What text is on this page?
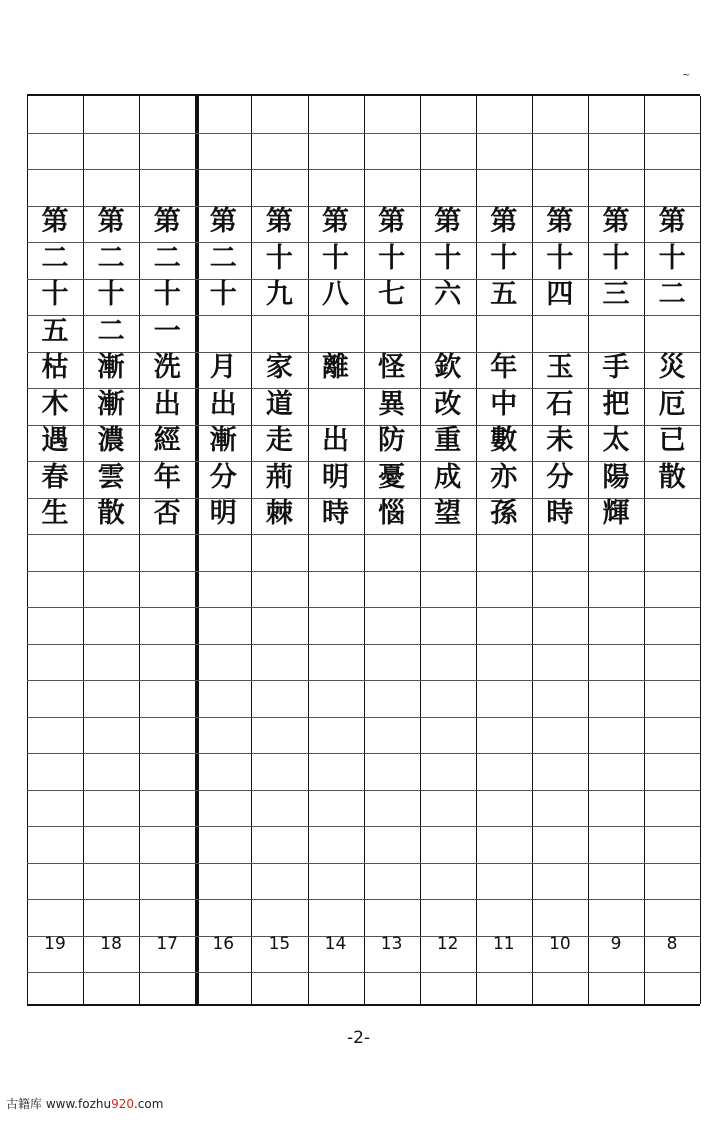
第
十
二
災
厄
已
散
8
第
十
三
手
把
太
陽
輝
9
第
十
四
玉
石
未
分
時
10
第
十
五
年
中
數
亦
孫
11
第
十
六
欽
改
重
成
望
12
第
十
七
怪
異
防
憂
惱
13
第
十
八
離
出
明
時
14
第
十
九
家
道
走
荊
棘
15
第
二
十
月
出
漸
分
明
16
第
二
十
一
洗
出
經
年
否
17
第
二
十
二
漸
漸
濃
雲
散
18
第
二
十
五
枯
木
遇
春
生
19
-2-
古籍库 www.fozhu920.com
~
